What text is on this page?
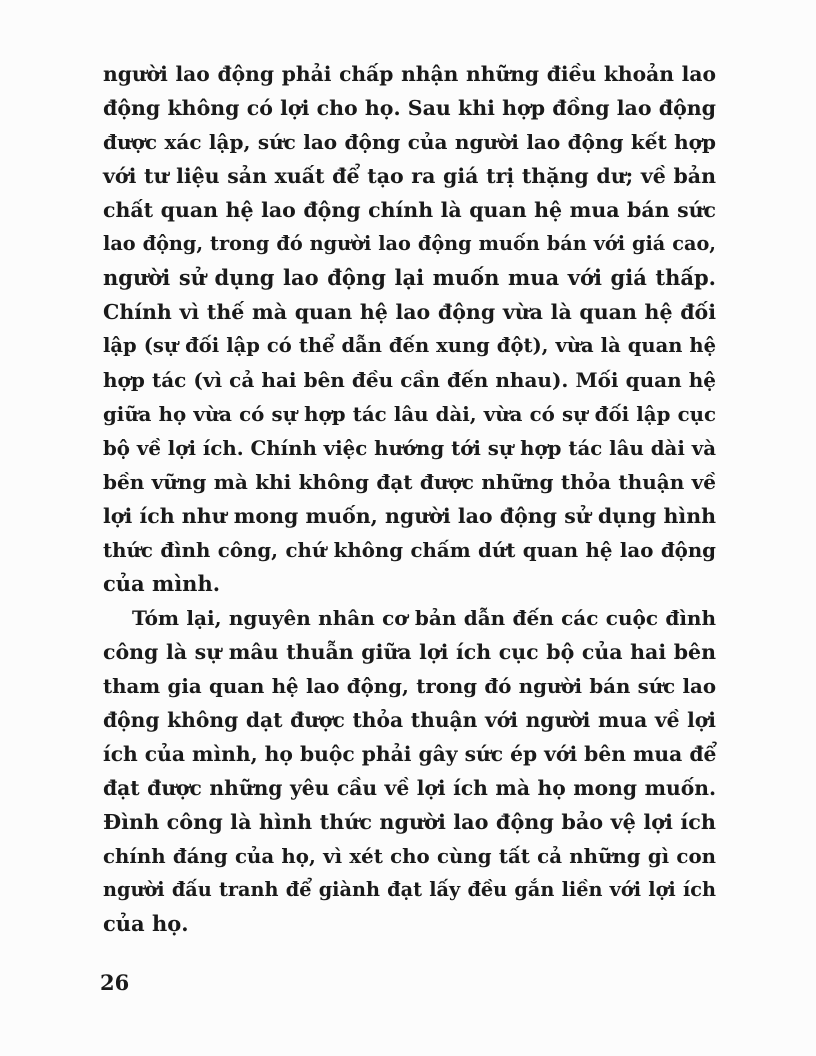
người lao động phải chấp nhận những điều khoản lao
động không có lợi cho họ. Sau khi hợp đồng lao động
được xác lập, sức lao động của người lao động kết hợp
với tư liệu sản xuất để tạo ra giá trị thặng dư; về bản
chất quan hệ lao động chính là quan hệ mua bán sức
lao động, trong đó người lao động muốn bán với giá cao,
người sử dụng lao động lại muốn mua với giá thấp.
Chính vì thế mà quan hệ lao động vừa là quan hệ đối
lập (sự đối lập có thể dẫn đến xung đột), vừa là quan hệ
hợp tác (vì cả hai bên đều cần đến nhau). Mối quan hệ
giữa họ vừa có sự hợp tác lâu dài, vừa có sự đối lập cục
bộ về lợi ích. Chính việc hướng tới sự hợp tác lâu dài và
bền vững mà khi không đạt được những thỏa thuận về
lợi ích như mong muốn, người lao động sử dụng hình
thức đình công, chứ không chấm dứt quan hệ lao động
của mình.
Tóm lại, nguyên nhân cơ bản dẫn đến các cuộc đình
công là sự mâu thuẫn giữa lợi ích cục bộ của hai bên
tham gia quan hệ lao động, trong đó người bán sức lao
động không dạt được thỏa thuận với người mua về lợi
ích của mình, họ buộc phải gây sức ép với bên mua để
đạt được những yêu cầu về lợi ích mà họ mong muốn.
Đình công là hình thức người lao động bảo vệ lợi ích
chính đáng của họ, vì xét cho cùng tất cả những gì con
người đấu tranh để giành đạt lấy đều gắn liền với lợi ích
của họ.
26
